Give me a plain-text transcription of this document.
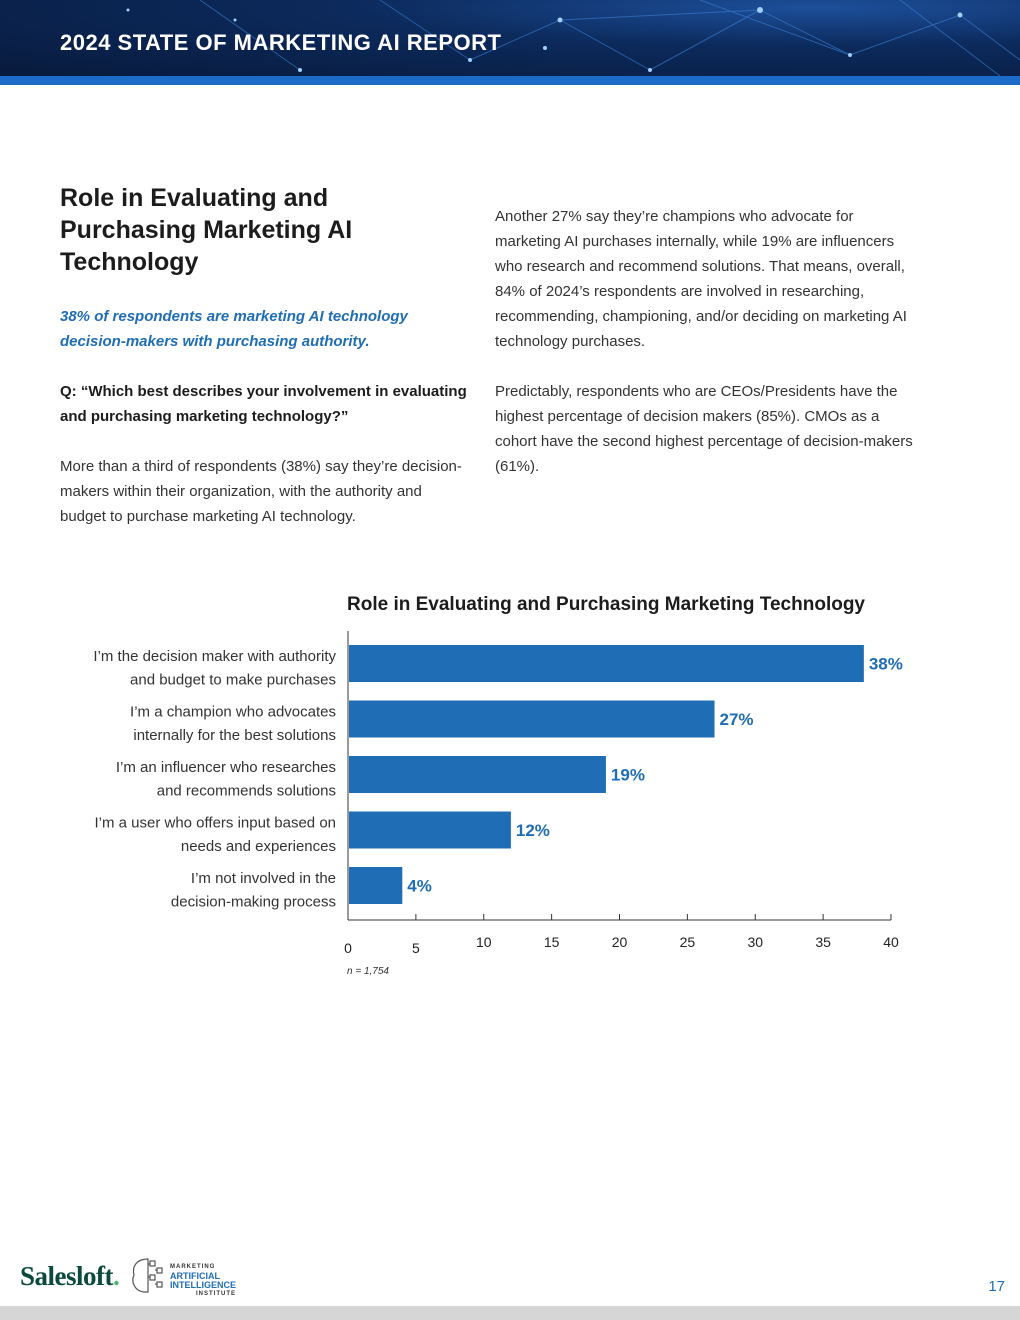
2024 STATE OF MARKETING AI REPORT
Role in Evaluating and Purchasing Marketing AI Technology
38% of respondents are marketing AI technology decision-makers with purchasing authority.
Q: “Which best describes your involvement in evaluating and purchasing marketing technology?”
More than a third of respondents (38%) say they’re decision-makers within their organization, with the authority and budget to purchase marketing AI technology.
Another 27% say they’re champions who advocate for marketing AI purchases internally, while 19% are influencers who research and recommend solutions. That means, overall, 84% of 2024’s respondents are involved in researching, recommending, championing, and/or deciding on marketing AI technology purchases.
Predictably, respondents who are CEOs/Presidents have the highest percentage of decision makers (85%). CMOs as a cohort have the second highest percentage of decision-makers (61%).
Role in Evaluating and Purchasing Marketing Technology
0	5	10	15	20	25	30	35	40
38%
I’m the decision maker with authority and budget to make purchases
27%
I’m a champion who advocates internally for the best solutions
19%
I’m an influencer who researches and recommends solutions
12%
I’m a user who offers input based on needs and experiences
4%
I’m not involved in the decision-making process
n = 1,754
Salesloft.	MARKETING
ARTIFICIAL
INTELLIGENCE
INSTITUTE	17
